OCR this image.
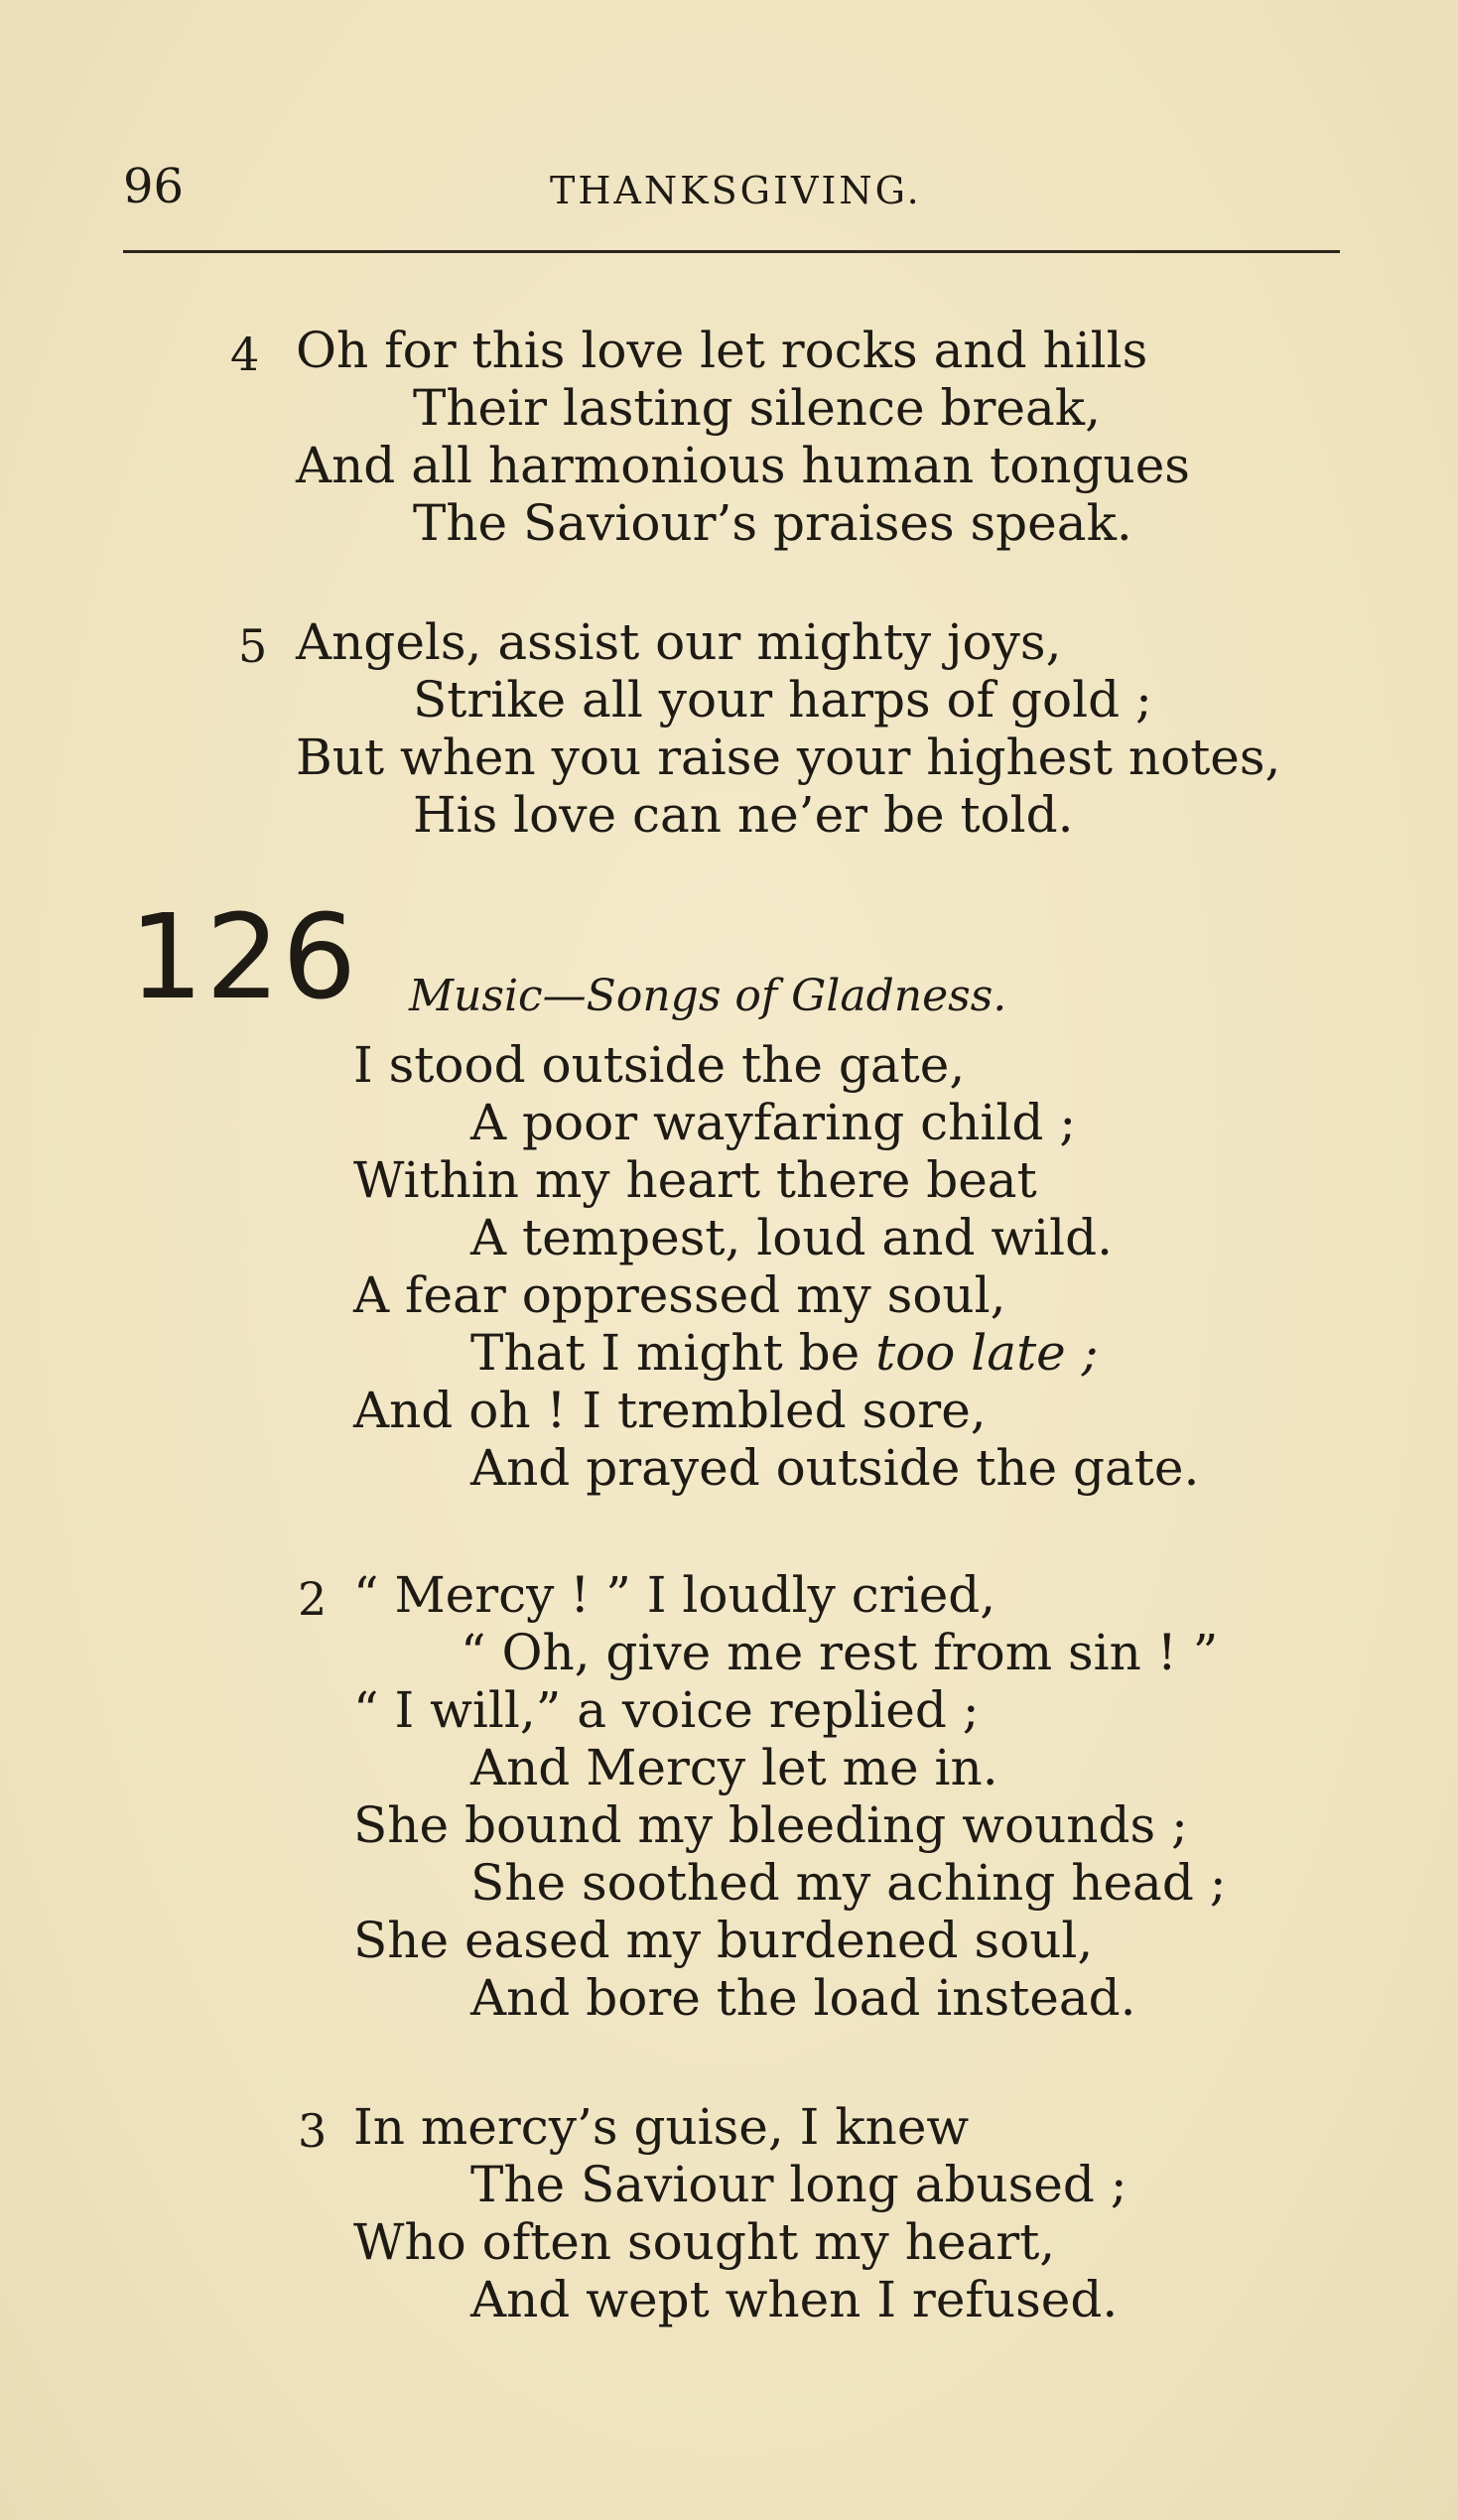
96	THANKSGIVING.
4 Oh for this love let rocks and hills
Their lasting silence break,
And all harmonious human tongues
The Saviour’s praises speak.
5 Angels, assist our mighty joys,
Strike all your harps of gold ;
But when you raise your highest notes,
His love can ne’er be told.
126 Music—Songs of Gladness.
I stood outside the gate,
A poor wayfaring child ;
Within my heart there beat
A tempest, loud and wild.
A fear oppressed my soul,
That I might be too late ;
And oh ! I trembled sore,
And prayed outside the gate.
2 “ Mercy ! ” I loudly cried,
“ Oh, give me rest from sin ! ”
“ I will,” a voice replied ;
And Mercy let me in.
She bound my bleeding wounds ;
She soothed my aching head ;
She eased my burdened soul,
And bore the load instead.
3 In mercy’s guise, I knew
The Saviour long abused ;
Who often sought my heart,
And wept when I refused.
